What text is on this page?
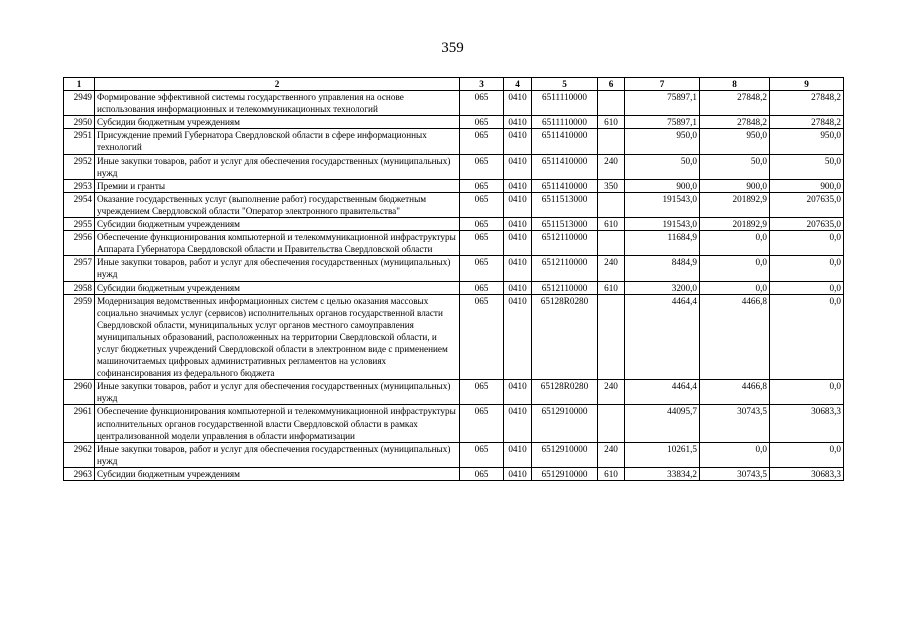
359
1	2	3	4	5	6	7	8	9
2949	Формирование эффективной системы государственного управления на основе использования информационных и телекоммуникационных технологий	065	0410	6511110000		75897,1	27848,2	27848,2
2950	Субсидии бюджетным учреждениям	065	0410	6511110000	610	75897,1	27848,2	27848,2
2951	Присуждение премий Губернатора Свердловской области в сфере информационных технологий	065	0410	6511410000		950,0	950,0	950,0
2952	Иные закупки товаров, работ и услуг для обеспечения государственных (муниципальных) нужд	065	0410	6511410000	240	50,0	50,0	50,0
2953	Премии и гранты	065	0410	6511410000	350	900,0	900,0	900,0
2954	Оказание государственных услуг (выполнение работ) государственным бюджетным учреждением Свердловской области "Оператор электронного правительства"	065	0410	6511513000		191543,0	201892,9	207635,0
2955	Субсидии бюджетным учреждениям	065	0410	6511513000	610	191543,0	201892,9	207635,0
2956	Обеспечение функционирования компьютерной и телекоммуникационной инфраструктуры Аппарата Губернатора Свердловской области и Правительства Свердловской области	065	0410	6512110000		11684,9	0,0	0,0
2957	Иные закупки товаров, работ и услуг для обеспечения государственных (муниципальных) нужд	065	0410	6512110000	240	8484,9	0,0	0,0
2958	Субсидии бюджетным учреждениям	065	0410	6512110000	610	3200,0	0,0	0,0
2959	Модернизация ведомственных информационных систем с целью оказания массовых социально значимых услуг (сервисов) исполнительных органов государственной власти Свердловской области, муниципальных услуг органов местного самоуправления муниципальных образований, расположенных на территории Свердловской области, и услуг бюджетных учреждений Свердловской области в электронном виде с применением машиночитаемых цифровых административных регламентов на условиях софинансирования из федерального бюджета	065	0410	65128R0280		4464,4	4466,8	0,0
2960	Иные закупки товаров, работ и услуг для обеспечения государственных (муниципальных) нужд	065	0410	65128R0280	240	4464,4	4466,8	0,0
2961	Обеспечение функционирования компьютерной и телекоммуникационной инфраструктуры исполнительных органов государственной власти Свердловской области в рамках централизованной модели управления в области информатизации	065	0410	6512910000		44095,7	30743,5	30683,3
2962	Иные закупки товаров, работ и услуг для обеспечения государственных (муниципальных) нужд	065	0410	6512910000	240	10261,5	0,0	0,0
2963	Субсидии бюджетным учреждениям	065	0410	6512910000	610	33834,2	30743,5	30683,3
